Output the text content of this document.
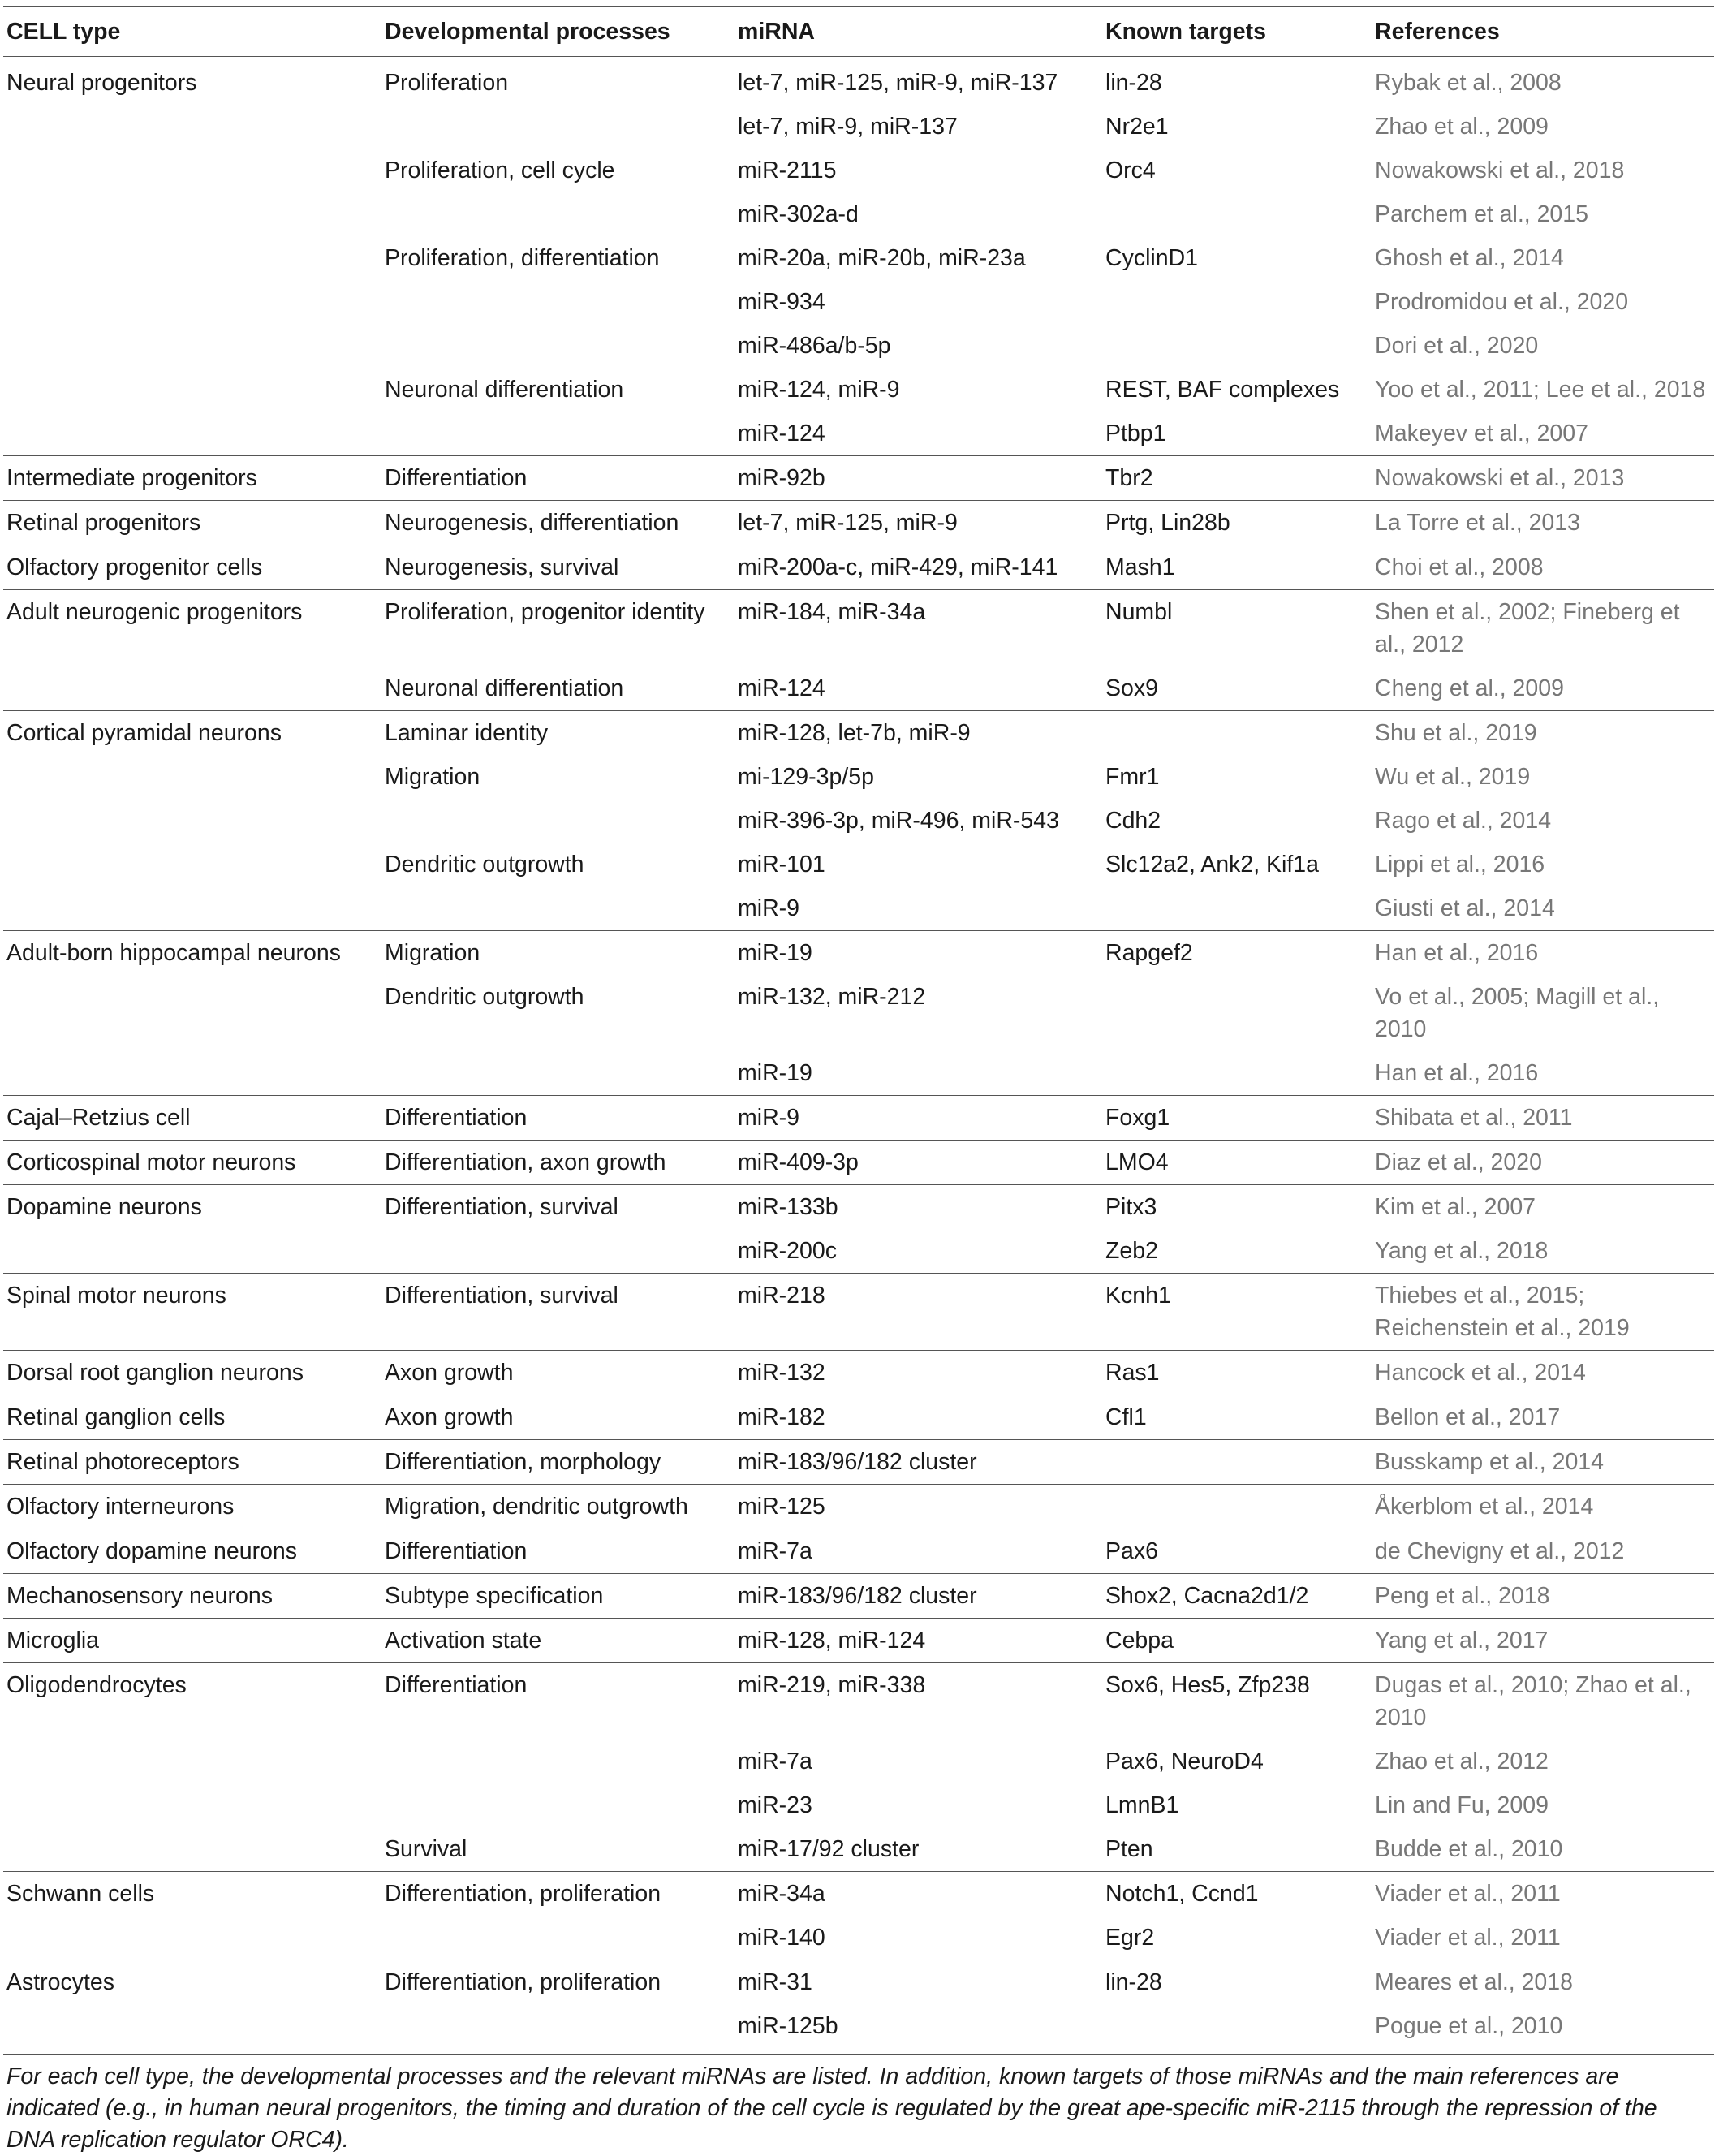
CELL type	Developmental processes	miRNA	Known targets	References
Neural progenitors	Proliferation	let-7, miR-125, miR-9, miR-137	lin-28	Rybak et al., 2008
		let-7, miR-9, miR-137	Nr2e1	Zhao et al., 2009
	Proliferation, cell cycle	miR-2115	Orc4	Nowakowski et al., 2018
		miR-302a-d		Parchem et al., 2015
	Proliferation, differentiation	miR-20a, miR-20b, miR-23a	CyclinD1	Ghosh et al., 2014
		miR-934		Prodromidou et al., 2020
		miR-486a/b-5p		Dori et al., 2020
	Neuronal differentiation	miR-124, miR-9	REST, BAF complexes	Yoo et al., 2011; Lee et al., 2018
		miR-124	Ptbp1	Makeyev et al., 2007
Intermediate progenitors	Differentiation	miR-92b	Tbr2	Nowakowski et al., 2013
Retinal progenitors	Neurogenesis, differentiation	let-7, miR-125, miR-9	Prtg, Lin28b	La Torre et al., 2013
Olfactory progenitor cells	Neurogenesis, survival	miR-200a-c, miR-429, miR-141	Mash1	Choi et al., 2008
Adult neurogenic progenitors	Proliferation, progenitor identity	miR-184, miR-34a	Numbl	Shen et al., 2002; Fineberg et al., 2012
	Neuronal differentiation	miR-124	Sox9	Cheng et al., 2009
Cortical pyramidal neurons	Laminar identity	miR-128, let-7b, miR-9		Shu et al., 2019
	Migration	mi-129-3p/5p	Fmr1	Wu et al., 2019
		miR-396-3p, miR-496, miR-543	Cdh2	Rago et al., 2014
	Dendritic outgrowth	miR-101	Slc12a2, Ank2, Kif1a	Lippi et al., 2016
		miR-9		Giusti et al., 2014
Adult-born hippocampal neurons	Migration	miR-19	Rapgef2	Han et al., 2016
	Dendritic outgrowth	miR-132, miR-212		Vo et al., 2005; Magill et al., 2010
		miR-19		Han et al., 2016
Cajal–Retzius cell	Differentiation	miR-9	Foxg1	Shibata et al., 2011
Corticospinal motor neurons	Differentiation, axon growth	miR-409-3p	LMO4	Diaz et al., 2020
Dopamine neurons	Differentiation, survival	miR-133b	Pitx3	Kim et al., 2007
		miR-200c	Zeb2	Yang et al., 2018
Spinal motor neurons	Differentiation, survival	miR-218	Kcnh1	Thiebes et al., 2015; Reichenstein et al., 2019
Dorsal root ganglion neurons	Axon growth	miR-132	Ras1	Hancock et al., 2014
Retinal ganglion cells	Axon growth	miR-182	Cfl1	Bellon et al., 2017
Retinal photoreceptors	Differentiation, morphology	miR-183/96/182 cluster		Busskamp et al., 2014
Olfactory interneurons	Migration, dendritic outgrowth	miR-125		Åkerblom et al., 2014
Olfactory dopamine neurons	Differentiation	miR-7a	Pax6	de Chevigny et al., 2012
Mechanosensory neurons	Subtype specification	miR-183/96/182 cluster	Shox2, Cacna2d1/2	Peng et al., 2018
Microglia	Activation state	miR-128, miR-124	Cebpa	Yang et al., 2017
Oligodendrocytes	Differentiation	miR-219, miR-338	Sox6, Hes5, Zfp238	Dugas et al., 2010; Zhao et al., 2010
		miR-7a	Pax6, NeuroD4	Zhao et al., 2012
		miR-23	LmnB1	Lin and Fu, 2009
	Survival	miR-17/92 cluster	Pten	Budde et al., 2010
Schwann cells	Differentiation, proliferation	miR-34a	Notch1, Ccnd1	Viader et al., 2011
		miR-140	Egr2	Viader et al., 2011
Astrocytes	Differentiation, proliferation	miR-31	lin-28	Meares et al., 2018
		miR-125b		Pogue et al., 2010
For each cell type, the developmental processes and the relevant miRNAs are listed. In addition, known targets of those miRNAs and the main references are indicated (e.g., in human neural progenitors, the timing and duration of the cell cycle is regulated by the great ape-specific miR-2115 through the repression of the DNA replication regulator ORC4).
